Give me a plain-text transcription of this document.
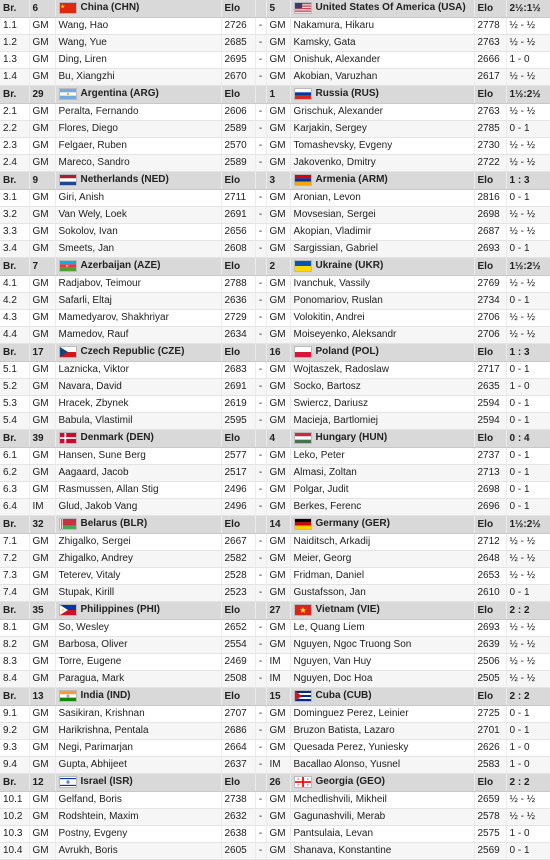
Br.	6	China (CHN)	Elo		5	United States Of America (USA)	Elo	2½:1½
1.1	GM	Wang, Hao	2726	-	GM	Nakamura, Hikaru	2778	½ - ½
1.2	GM	Wang, Yue	2685	-	GM	Kamsky, Gata	2763	½ - ½
1.3	GM	Ding, Liren	2695	-	GM	Onishuk, Alexander	2666	1 - 0
1.4	GM	Bu, Xiangzhi	2670	-	GM	Akobian, Varuzhan	2617	½ - ½
Br.	29	Argentina (ARG)	Elo		1	Russia (RUS)	Elo	1½:2½
2.1	GM	Peralta, Fernando	2606	-	GM	Grischuk, Alexander	2763	½ - ½
2.2	GM	Flores, Diego	2589	-	GM	Karjakin, Sergey	2785	0 - 1
2.3	GM	Felgaer, Ruben	2570	-	GM	Tomashevsky, Evgeny	2730	½ - ½
2.4	GM	Mareco, Sandro	2589	-	GM	Jakovenko, Dmitry	2722	½ - ½
Br.	9	Netherlands (NED)	Elo		3	Armenia (ARM)	Elo	1 : 3
3.1	GM	Giri, Anish	2711	-	GM	Aronian, Levon	2816	0 - 1
3.2	GM	Van Wely, Loek	2691	-	GM	Movsesian, Sergei	2698	½ - ½
3.3	GM	Sokolov, Ivan	2656	-	GM	Akopian, Vladimir	2687	½ - ½
3.4	GM	Smeets, Jan	2608	-	GM	Sargissian, Gabriel	2693	0 - 1
Br.	7	Azerbaijan (AZE)	Elo		2	Ukraine (UKR)	Elo	1½:2½
4.1	GM	Radjabov, Teimour	2788	-	GM	Ivanchuk, Vassily	2769	½ - ½
4.2	GM	Safarli, Eltaj	2636	-	GM	Ponomariov, Ruslan	2734	0 - 1
4.3	GM	Mamedyarov, Shakhriyar	2729	-	GM	Volokitin, Andrei	2706	½ - ½
4.4	GM	Mamedov, Rauf	2634	-	GM	Moiseyenko, Aleksandr	2706	½ - ½
Br.	17	Czech Republic (CZE)	Elo		16	Poland (POL)	Elo	1 : 3
5.1	GM	Laznicka, Viktor	2683	-	GM	Wojtaszek, Radoslaw	2717	0 - 1
5.2	GM	Navara, David	2691	-	GM	Socko, Bartosz	2635	1 - 0
5.3	GM	Hracek, Zbynek	2619	-	GM	Swiercz, Dariusz	2594	0 - 1
5.4	GM	Babula, Vlastimil	2595	-	GM	Macieja, Bartlomiej	2594	0 - 1
Br.	39	Denmark (DEN)	Elo		4	Hungary (HUN)	Elo	0 : 4
6.1	GM	Hansen, Sune Berg	2577	-	GM	Leko, Peter	2737	0 - 1
6.2	GM	Aagaard, Jacob	2517	-	GM	Almasi, Zoltan	2713	0 - 1
6.3	GM	Rasmussen, Allan Stig	2496	-	GM	Polgar, Judit	2698	0 - 1
6.4	IM	Glud, Jakob Vang	2496	-	GM	Berkes, Ferenc	2696	0 - 1
Br.	32	Belarus (BLR)	Elo		14	Germany (GER)	Elo	1½:2½
7.1	GM	Zhigalko, Sergei	2667	-	GM	Naiditsch, Arkadij	2712	½ - ½
7.2	GM	Zhigalko, Andrey	2582	-	GM	Meier, Georg	2648	½ - ½
7.3	GM	Teterev, Vitaly	2528	-	GM	Fridman, Daniel	2653	½ - ½
7.4	GM	Stupak, Kirill	2523	-	GM	Gustafsson, Jan	2610	0 - 1
Br.	35	Philippines (PHI)	Elo		27	Vietnam (VIE)	Elo	2 : 2
8.1	GM	So, Wesley	2652	-	GM	Le, Quang Liem	2693	½ - ½
8.2	GM	Barbosa, Oliver	2554	-	GM	Nguyen, Ngoc Truong Son	2639	½ - ½
8.3	GM	Torre, Eugene	2469	-	IM	Nguyen, Van Huy	2506	½ - ½
8.4	GM	Paragua, Mark	2508	-	IM	Nguyen, Doc Hoa	2505	½ - ½
Br.	13	India (IND)	Elo		15	Cuba (CUB)	Elo	2 : 2
9.1	GM	Sasikiran, Krishnan	2707	-	GM	Dominguez Perez, Leinier	2725	0 - 1
9.2	GM	Harikrishna, Pentala	2686	-	GM	Bruzon Batista, Lazaro	2701	0 - 1
9.3	GM	Negi, Parimarjan	2664	-	GM	Quesada Perez, Yuniesky	2626	1 - 0
9.4	GM	Gupta, Abhijeet	2637	-	IM	Bacallao Alonso, Yusnel	2583	1 - 0
Br.	12	Israel (ISR)	Elo		26	Georgia (GEO)	Elo	2 : 2
10.1	GM	Gelfand, Boris	2738	-	GM	Mchedlishvili, Mikheil	2659	½ - ½
10.2	GM	Rodshtein, Maxim	2632	-	GM	Gagunashvili, Merab	2578	½ - ½
10.3	GM	Postny, Evgeny	2638	-	GM	Pantsulaia, Levan	2575	1 - 0
10.4	GM	Avrukh, Boris	2605	-	GM	Shanava, Konstantine	2569	0 - 1
